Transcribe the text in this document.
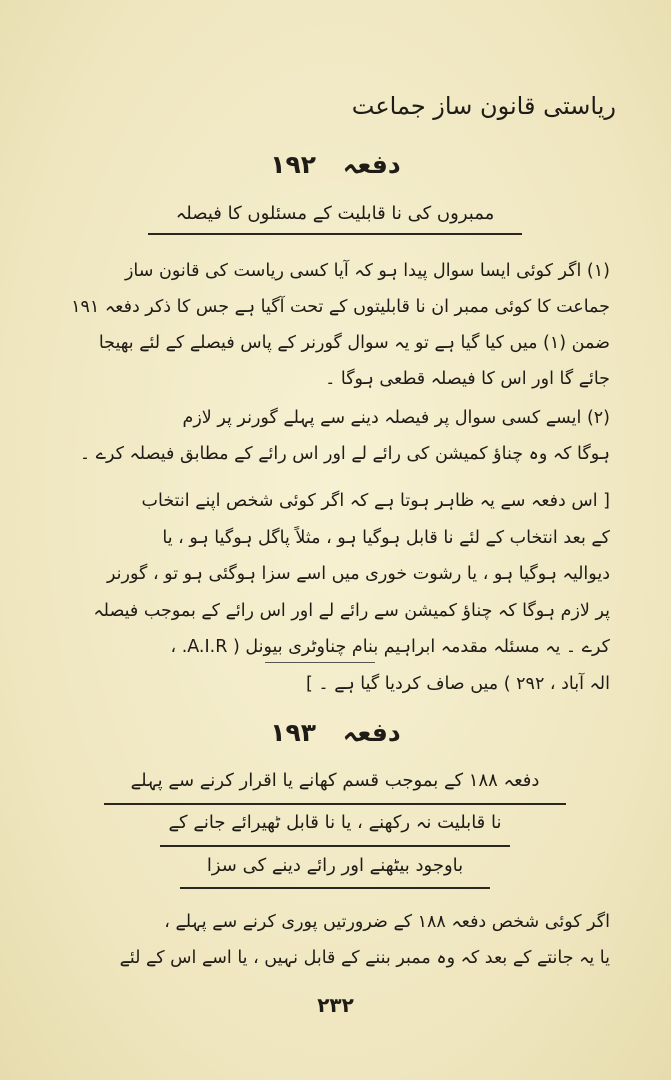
ریاستی قانون ساز جماعت
دفعہ ۱۹۲
ممبروں کی نا قابلیت کے مسئلوں کا فیصلہ
(۱) اگر کوئی ایسا سوال پیدا ہو کہ آیا کسی ریاست کی قانون ساز
جماعت کا کوئی ممبر ان نا قابلیتوں کے تحت آگیا ہے جس کا ذکر دفعہ ۱۹۱
ضمن (۱) میں کیا گیا ہے تو یہ سوال گورنر کے پاس فیصلے کے لئے بھیجا
جائے گا اور اس کا فیصلہ قطعی ہوگا ۔
(۲) ایسے کسی سوال پر فیصلہ دینے سے پہلے گورنر پر لازم
ہوگا کہ وہ چناؤ کمیشن کی رائے لے اور اس رائے کے مطابق فیصلہ کرے ۔
[ اس دفعہ سے یہ ظاہر ہوتا ہے کہ اگر کوئی شخص اپنے انتخاب
کے بعد انتخاب کے لئے نا قابل ہوگیا ہو ، مثلاً پاگل ہوگیا ہو ، یا
دیوالیہ ہوگیا ہو ، یا رشوت خوری میں اسے سزا ہوگئی ہو تو ، گورنر
پر لازم ہوگا کہ چناؤ کمیشن سے رائے لے اور اس رائے کے بموجب فیصلہ
کرے ۔ یہ مسئلہ مقدمہ ابراہیم بنام چناوٹری بیونل ( A.I.R. ،
الہ آباد ، ۲۹۲ ) میں صاف کردیا گیا ہے ۔ ]
دفعہ ۱۹۳
دفعہ ۱۸۸ کے بموجب قسم کھانے یا اقرار کرنے سے پہلے
نا قابلیت نہ رکھنے ، یا نا قابل ٹھیرائے جانے کے
باوجود بیٹھنے اور رائے دینے کی سزا
اگر کوئی شخص دفعہ ۱۸۸ کے ضرورتیں پوری کرنے سے پہلے ،
یا یہ جانتے کے بعد کہ وہ ممبر بننے کے قابل نہیں ، یا اسے اس کے لئے
۲۳۲
